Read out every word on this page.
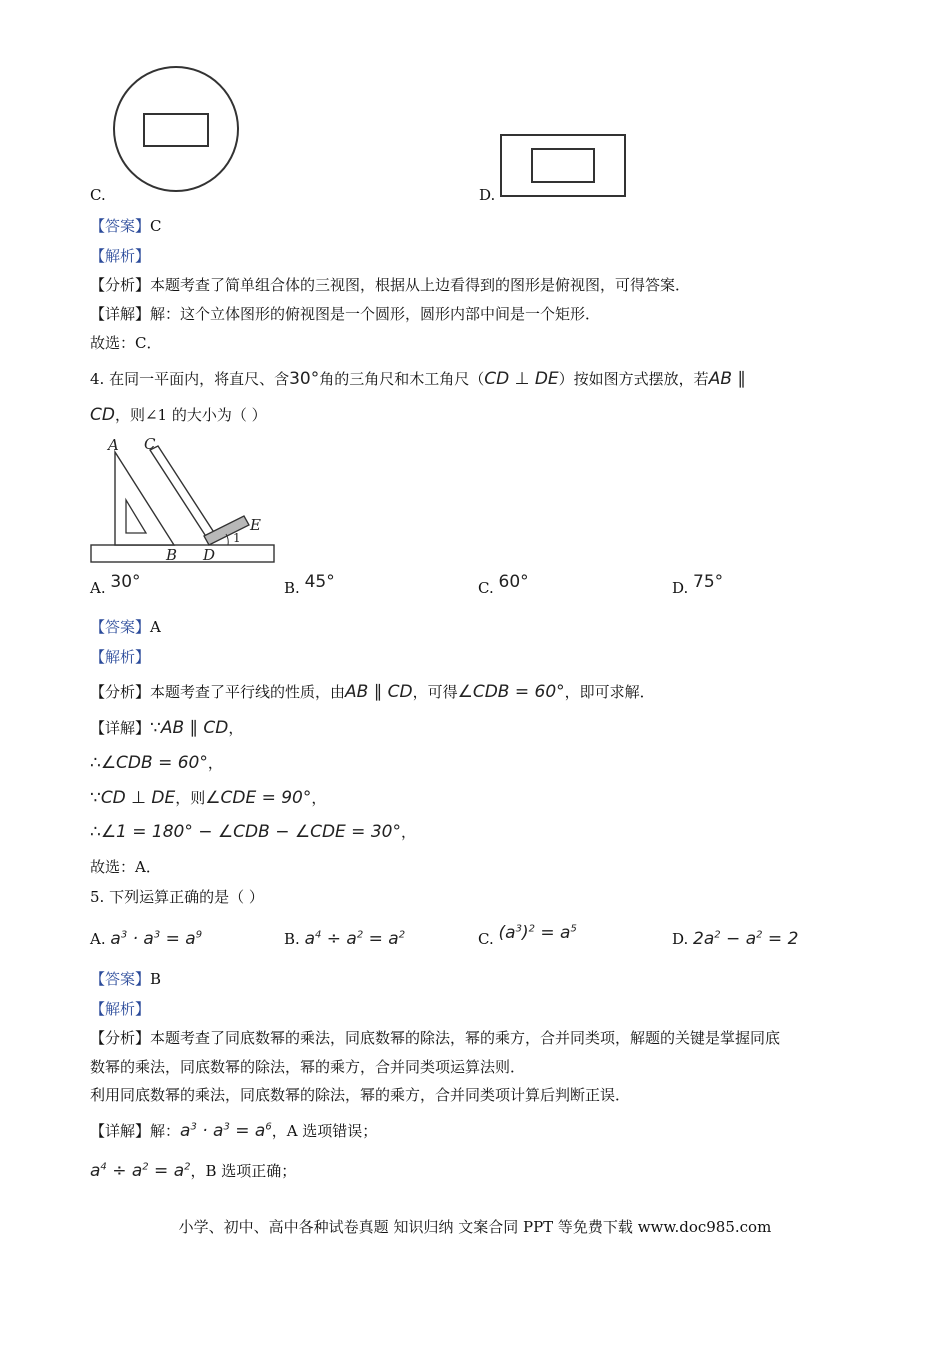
C.	D.
【答案】C
【解析】
【分析】本题考查了简单组合体的三视图，根据从上边看得到的图形是俯视图，可得答案．
【详解】解：这个立体图形的俯视图是一个圆形，圆形内部中间是一个矩形．
故选：C．
4. 在同一平面内，将直尺、含30°角的三角尺和木工角尺（CD ⊥ DE）按如图方式摆放，若AB ∥
CD，则∠1 的大小为（ ）
A C
E
1
B D
A. 30°	B. 45°	C. 60°	D. 75°
【答案】A
【解析】
【分析】本题考查了平行线的性质，由AB ∥ CD，可得∠CDB = 60°，即可求解．
【详解】∵AB ∥ CD，
∴∠CDB = 60°，
∵CD ⊥ DE，则∠CDE = 90°，
∴∠1 = 180° − ∠CDB − ∠CDE = 30°，
故选：A．
5. 下列运算正确的是（ ）
A. $a^3 \cdot a^3 = a^9$	B. $a^4 \div a^2 = a^2$	C. $(a^3)^2 = a^5$
D. $2a^2 - a^2 = 2$
【答案】B
【解析】
【分析】本题考查了同底数幂的乘法，同底数幂的除法，幂的乘方，合并同类项，解题的关键是掌握同底
数幂的乘法，同底数幂的除法，幂的乘方，合并同类项运算法则．
利用同底数幂的乘法，同底数幂的除法，幂的乘方，合并同类项计算后判断正误．
【详解】解：$a^3 \cdot a^3 = a^6$，A 选项错误；
$a^4 \div a^2 = a^2$，B 选项正确；
小学、初中、高中各种试卷真题 知识归纳 文案合同 PPT 等免费下载 www.doc985.com
